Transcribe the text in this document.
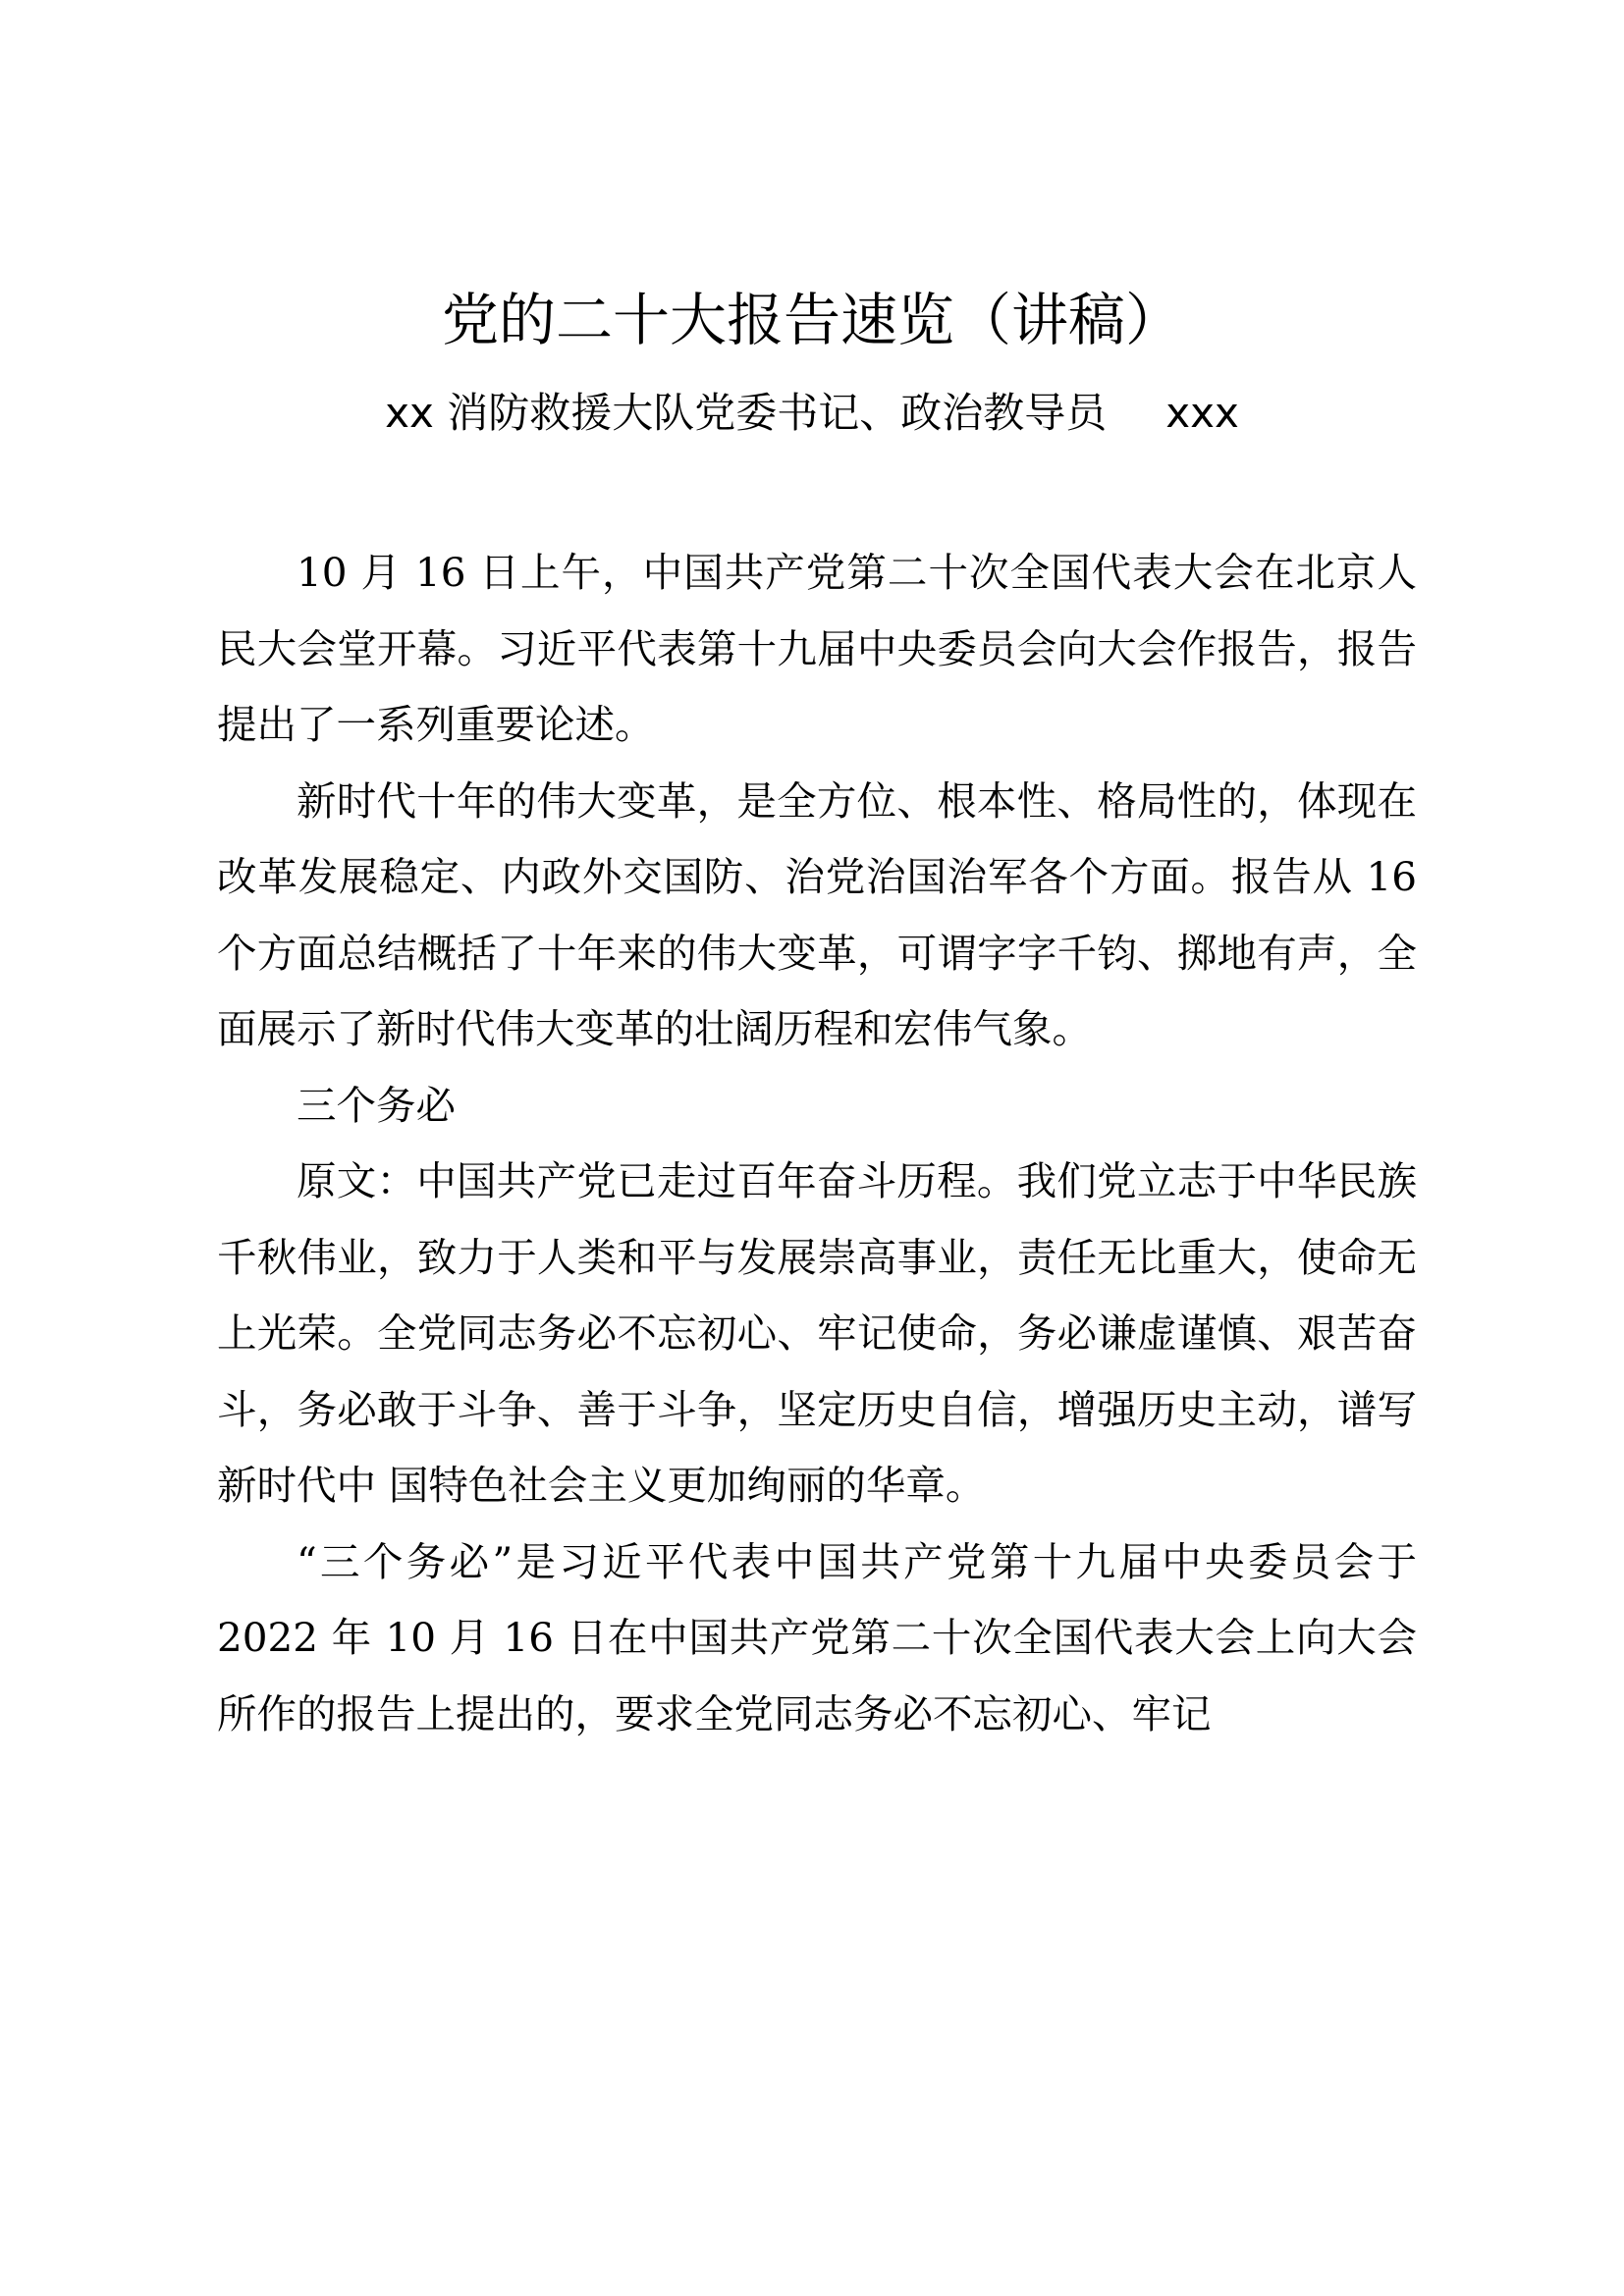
党的二十大报告速览（讲稿）
xx 消防救援大队党委书记、政治教导员 xxx

10 月 16 日上午，中国共产党第二十次全国代表大会在北京人民大会堂开幕。习近平代表第十九届中央委员会向大会作报告，报告提出了一系列重要论述。

新时代十年的伟大变革，是全方位、根本性、格局性的，体现在改革发展稳定、内政外交国防、治党治国治军各个方面。报告从 16 个方面总结概括了十年来的伟大变革，可谓字字千钧、掷地有声，全面展示了新时代伟大变革的壮阔历程和宏伟气象。

三个务必

原文：中国共产党已走过百年奋斗历程。我们党立志于中华民族千秋伟业，致力于人类和平与发展崇高事业，责任无比重大，使命无上光荣。全党同志务必不忘初心、牢记使命，务必谦虚谨慎、艰苦奋斗，务必敢于斗争、善于斗争，坚定历史自信，增强历史主动，谱写新时代中 国特色社会主义更加绚丽的华章。

“三个务必”是习近平代表中国共产党第十九届中央委员会于 2022 年 10 月 16 日在中国共产党第二十次全国代表大会上向大会所作的报告上提出的，要求全党同志务必不忘初心、牢记
